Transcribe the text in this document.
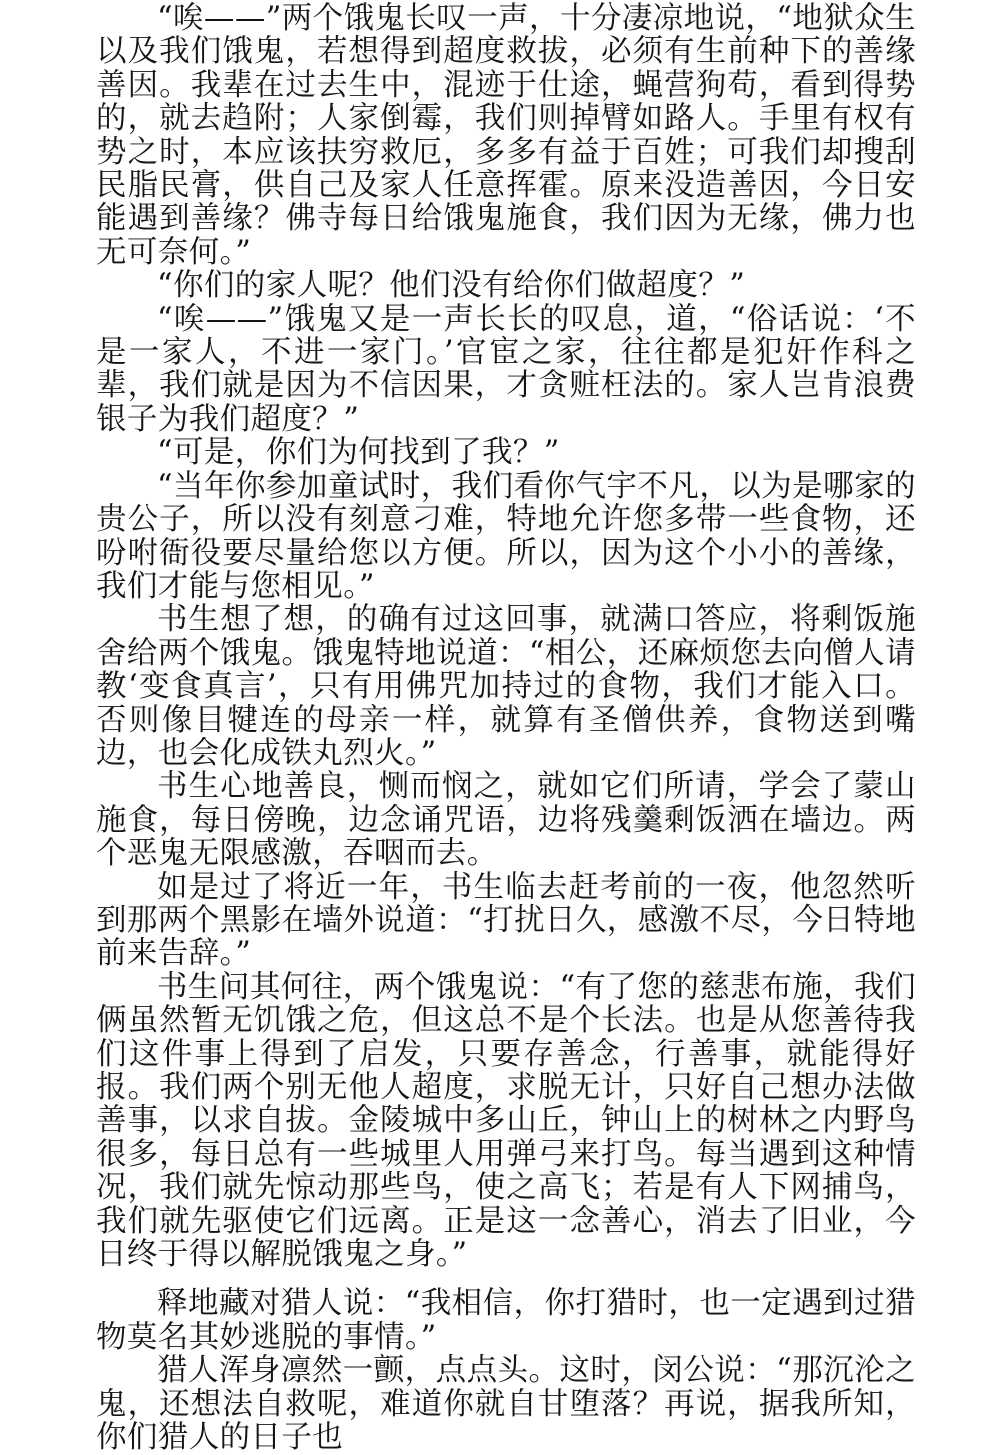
“唉——”两个饿鬼长叹一声，十分凄凉地说，“地狱众生以及我们饿鬼，若想得到超度救拔，必须有生前种下的善缘善因。我辈在过去生中，混迹于仕途，蝇营狗苟，看到得势的，就去趋附；人家倒霉，我们则掉臂如路人。手里有权有势之时，本应该扶穷救厄，多多有益于百姓；可我们却搜刮民脂民膏，供自己及家人任意挥霍。原来没造善因，今日安能遇到善缘？佛寺每日给饿鬼施食，我们因为无缘，佛力也无可奈何。”

“你们的家人呢？他们没有给你们做超度？”

“唉——”饿鬼又是一声长长的叹息，道，“俗话说：‘不是一家人，不进一家门。’官宦之家，往往都是犯奸作科之辈，我们就是因为不信因果，才贪赃枉法的。家人岂肯浪费银子为我们超度？”

“可是，你们为何找到了我？”

“当年你参加童试时，我们看你气宇不凡，以为是哪家的贵公子，所以没有刻意刁难，特地允许您多带一些食物，还吩咐衙役要尽量给您以方便。所以，因为这个小小的善缘，我们才能与您相见。”

书生想了想，的确有过这回事，就满口答应，将剩饭施舍给两个饿鬼。饿鬼特地说道：“相公，还麻烦您去向僧人请教‘变食真言’，只有用佛咒加持过的食物，我们才能入口。否则像目犍连的母亲一样，就算有圣僧供养，食物送到嘴边，也会化成铁丸烈火。”

书生心地善良，恻而悯之，就如它们所请，学会了蒙山施食，每日傍晚，边念诵咒语，边将残羹剩饭洒在墙边。两个恶鬼无限感激，吞咽而去。

如是过了将近一年，书生临去赶考前的一夜，他忽然听到那两个黑影在墙外说道：“打扰日久，感激不尽，今日特地前来告辞。”

书生问其何往，两个饿鬼说：“有了您的慈悲布施，我们俩虽然暂无饥饿之危，但这总不是个长法。也是从您善待我们这件事上得到了启发，只要存善念，行善事，就能得好报。我们两个别无他人超度，求脱无计，只好自己想办法做善事，以求自拔。金陵城中多山丘，钟山上的树林之内野鸟很多，每日总有一些城里人用弹弓来打鸟。每当遇到这种情况，我们就先惊动那些鸟，使之高飞；若是有人下网捕鸟，我们就先驱使它们远离。正是这一念善心，消去了旧业，今日终于得以解脱饿鬼之身。”

释地藏对猎人说：“我相信，你打猎时，也一定遇到过猎物莫名其妙逃脱的事情。”

猎人浑身凛然一颤，点点头。这时，闵公说：“那沉沦之鬼，还想法自救呢，难道你就自甘堕落？再说，据我所知，你们猎人的日子也
